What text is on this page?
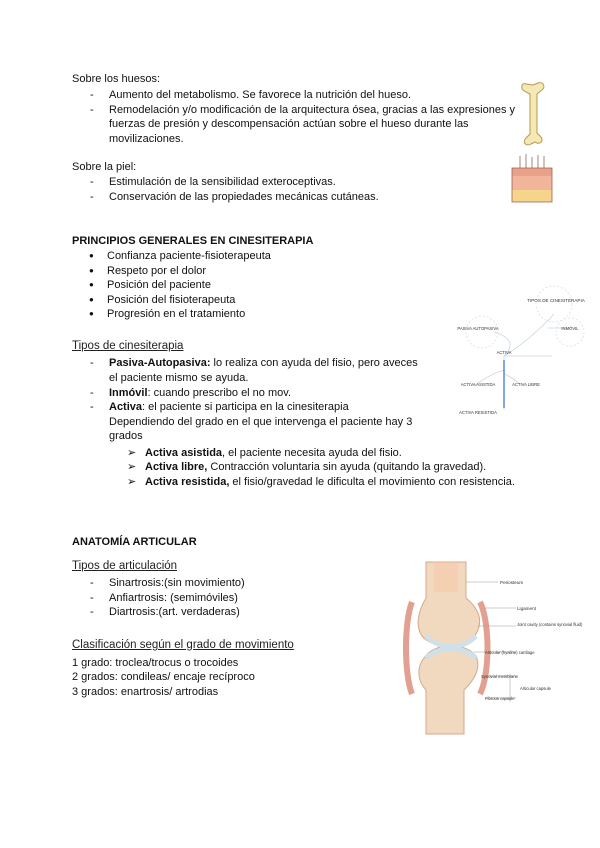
Sobre los huesos:
- Aumento del metabolismo. Se favorece la nutrición del hueso.
- Remodelación y/o modificación de la arquitectura ósea, gracias a las expresiones y
fuerzas de presión y descompensación actúan sobre el hueso durante las
movilizaciones.
Sobre la piel:
- Estimulación de la sensibilidad exteroceptivas.
- Conservación de las propiedades mecánicas cutáneas.
PRINCIPIOS GENERALES EN CINESITERAPIA
● Confianza paciente-fisioterapeuta
● Respeto por el dolor
● Posición del paciente
● Posición del fisioterapeuta
● Progresión en el tratamiento
Tipos de cinesiterapia
- Pasiva-Autopasiva: lo realiza con ayuda del fisio, pero aveces
el paciente mismo se ayuda.
- Inmóvil: cuando prescribo el no mov.
- Activa: el paciente si participa en la cinesiterapia
Dependiendo del grado en el que intervenga el paciente hay 3
grados
➢ Activa asistida, el paciente necesita ayuda del fisio.
➢ Activa libre, Contracción voluntaria sin ayuda (quitando la gravedad).
➢ Activa resistida, el fisio/gravedad le dificulta el movimiento con resistencia.
TIPOS DE CINESITERAPIA
PASIVA AUTOPASIVA	INMÓVIL
ACTIVA
ACTIVA ASISTIDA	ACTIVA LIBRE
ACTIVA RESISTIDA
ANATOMÍA ARTICULAR
Tipos de articulación
- Sinartrosis:(sin movimiento)
- Anfiartrosis: (semimóviles)
- Diartrosis:(art. verdaderas)
Clasificación según el grado de movimiento
1 grado: troclea/trocus o trocoides
2 grados: condileas/ encaje recíproco
3 grados: enartrosis/ artrodias
Periosteum
Ligament
Joint cavity (contains synovial fluid)
Articular (hyaline) cartilage
Synovial membrane
Fibrous capsule
Articular capsule
